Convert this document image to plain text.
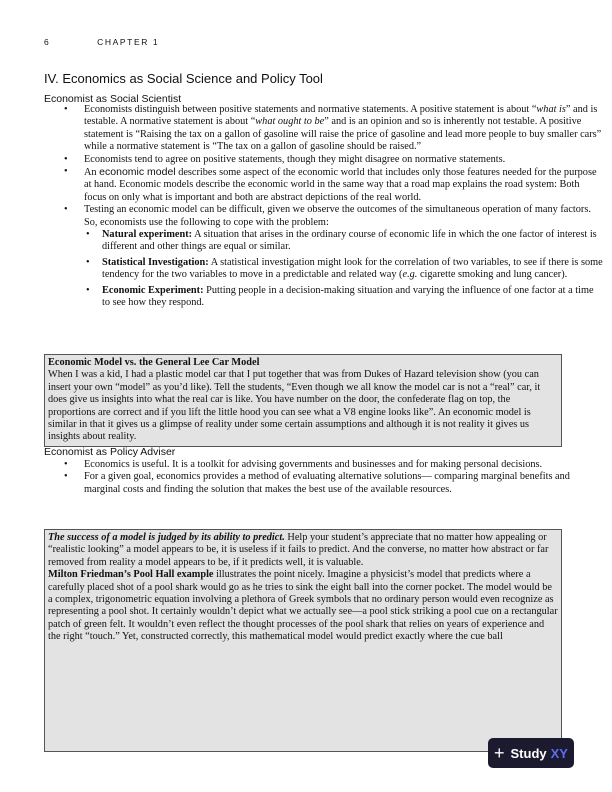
6	CHAPTER 1
IV. Economics as Social Science and Policy Tool
Economist as Social Scientist
• Economists distinguish between positive statements and normative statements. A positive statement is about “what is” and is testable. A normative statement is about “what ought to be” and is an opinion and so is inherently not testable. A positive statement is “Raising the tax on a gallon of gasoline will raise the price of gasoline and lead more people to buy smaller cars” while a normative statement is “The tax on a gallon of gasoline should be raised.”
• Economists tend to agree on positive statements, though they might disagree on normative statements.
• An economic model describes some aspect of the economic world that includes only those features needed for the purpose at hand. Economic models describe the economic world in the same way that a road map explains the road system: Both focus on only what is important and both are abstract depictions of the real world.
• Testing an economic model can be difficult, given we observe the outcomes of the simultaneous operation of many factors. So, economists use the following to cope with the problem:
• Natural experiment: A situation that arises in the ordinary course of economic life in which the one factor of interest is different and other things are equal or similar.
• Statistical Investigation: A statistical investigation might look for the correlation of two variables, to see if there is some tendency for the two variables to move in a predictable and related way (e.g. cigarette smoking and lung cancer).
• Economic Experiment: Putting people in a decision-making situation and varying the influence of one factor at a time to see how they respond.
Economic Model vs. the General Lee Car Model
When I was a kid, I had a plastic model car that I put together that was from Dukes of Hazard television show (you can insert your own “model” as you’d like). Tell the students, “Even though we all know the model car is not a “real” car, it does give us insights into what the real car is like. You have number on the door, the confederate flag on top, the proportions are correct and if you lift the little hood you can see what a V8 engine looks like”. An economic model is similar in that it gives us a glimpse of reality under some certain assumptions and although it is not reality it gives us insights about reality.
Economist as Policy Adviser
• Economics is useful. It is a toolkit for advising governments and businesses and for making personal decisions.
• For a given goal, economics provides a method of evaluating alternative solutions— comparing marginal benefits and marginal costs and finding the solution that makes the best use of the available resources.
The success of a model is judged by its ability to predict. Help your student’s appreciate that no matter how appealing or “realistic looking” a model appears to be, it is useless if it fails to predict. And the converse, no matter how abstract or far removed from reality a model appears to be, if it predicts well, it is valuable.
Milton Friedman’s Pool Hall example illustrates the point nicely. Imagine a physicist’s model that predicts where a carefully placed shot of a pool shark would go as he tries to sink the eight ball into the corner pocket. The model would be a complex, trigonometric equation involving a plethora of Greek symbols that no ordinary person would even recognize as representing a pool shot. It certainly wouldn’t depict what we actually see—a pool stick striking a pool cue on a rectangular patch of green felt. It wouldn’t even reflect the thought processes of the pool shark that relies on years of experience and the right “touch.” Yet, constructed correctly, this mathematical model would predict exactly where the cue ball
+ Study XY
